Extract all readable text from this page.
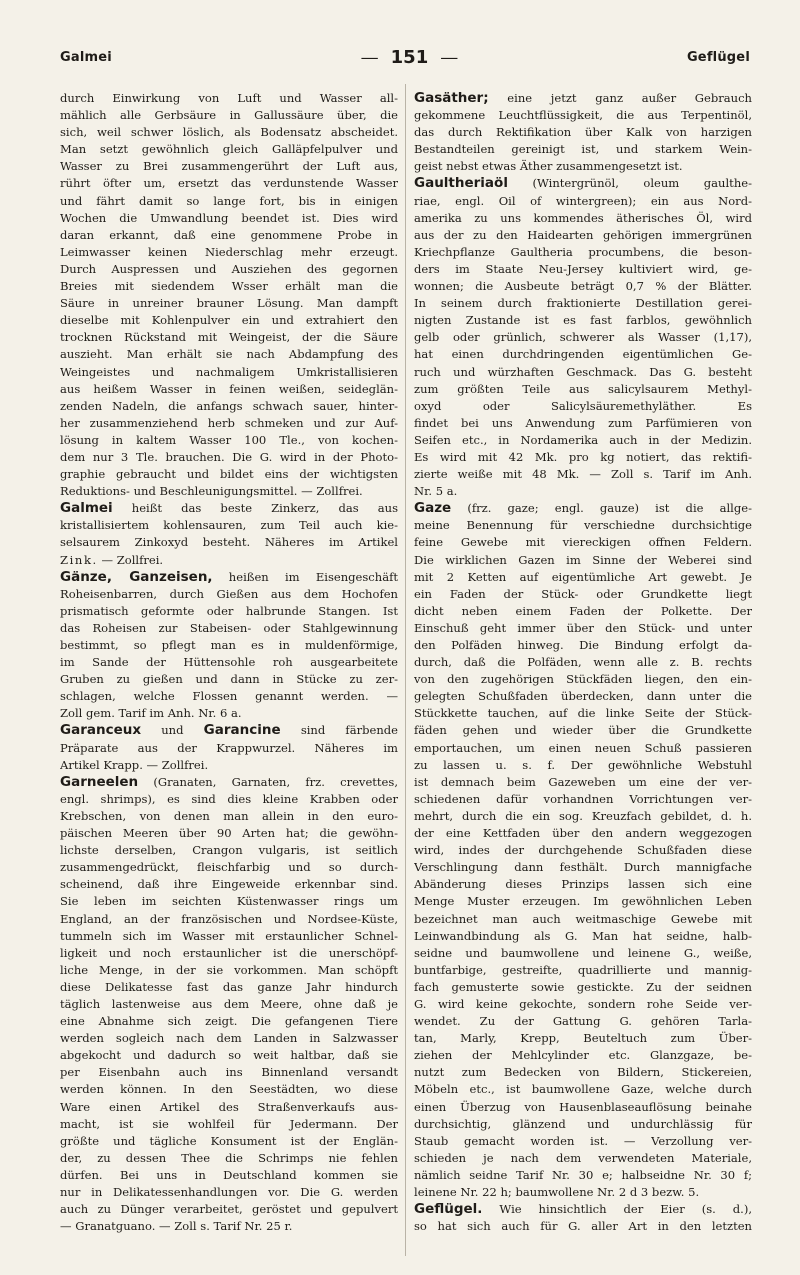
Galmei	— 151 —	Geflügel
durch Einwirkung von Luft und Wasser all-
mählich alle Gerbsäure in Gallussäure über, die
sich, weil schwer löslich, als Bodensatz abscheidet.
Man setzt gewöhnlich gleich Galläpfelpulver und
Wasser zu Brei zusammengerührt der Luft aus,
rührt öfter um, ersetzt das verdunstende Wasser
und fährt damit so lange fort, bis in einigen
Wochen die Umwandlung beendet ist. Dies wird
daran erkannt, daß eine genommene Probe in
Leimwasser keinen Niederschlag mehr erzeugt.
Durch Auspressen und Ausziehen des gegornen
Breies mit siedendem Wsser erhält man die
Säure in unreiner brauner Lösung. Man dampft
dieselbe mit Kohlenpulver ein und extrahiert den
trocknen Rückstand mit Weingeist, der die Säure
auszieht. Man erhält sie nach Abdampfung des
Weingeistes und nachmaligem Umkristallisieren
aus heißem Wasser in feinen weißen, seideglän-
zenden Nadeln, die anfangs schwach sauer, hinter-
her zusammenziehend herb schmeken und zur Auf-
lösung in kaltem Wasser 100 Tle., von kochen-
dem nur 3 Tle. brauchen. Die G. wird in der Photo-
graphie gebraucht und bildet eins der wichtigsten
Reduktions- und Beschleunigungsmittel. — Zollfrei.
Galmei heißt das beste Zinkerz, das aus
kristallisiertem kohlensauren, zum Teil auch kie-
selsaurem Zinkoxyd besteht. Näheres im Artikel
Zink. — Zollfrei.
Gänze, Ganzeisen, heißen im Eisengeschäft
Roheisenbarren, durch Gießen aus dem Hochofen
prismatisch geformte oder halbrunde Stangen. Ist
das Roheisen zur Stabeisen- oder Stahlgewinnung
bestimmt, so pflegt man es in muldenförmige,
im Sande der Hüttensohle roh ausgearbeitete
Gruben zu gießen und dann in Stücke zu zer-
schlagen, welche Flossen genannt werden. —
Zoll gem. Tarif im Anh. Nr. 6 a.
Garanceux und Garancine sind färbende
Präparate aus der Krappwurzel. Näheres im
Artikel Krapp. — Zollfrei.
Garneelen (Granaten, Garnaten, frz. crevettes,
engl. shrimps), es sind dies kleine Krabben oder
Krebschen, von denen man allein in den euro-
päischen Meeren über 90 Arten hat; die gewöhn-
lichste derselben, Crangon vulgaris, ist seitlich
zusammengedrückt, fleischfarbig und so durch-
scheinend, daß ihre Eingeweide erkennbar sind.
Sie leben im seichten Küstenwasser rings um
England, an der französischen und Nordsee-Küste,
tummeln sich im Wasser mit erstaunlicher Schnel-
ligkeit und noch erstaunlicher ist die unerschöpf-
liche Menge, in der sie vorkommen. Man schöpft
diese Delikatesse fast das ganze Jahr hindurch
täglich lastenweise aus dem Meere, ohne daß je
eine Abnahme sich zeigt. Die gefangenen Tiere
werden sogleich nach dem Landen in Salzwasser
abgekocht und dadurch so weit haltbar, daß sie
per Eisenbahn auch ins Binnenland versandt
werden können. In den Seestädten, wo diese
Ware einen Artikel des Straßenverkaufs aus-
macht, ist sie wohlfeil für Jedermann. Der
größte und tägliche Konsument ist der Englän-
der, zu dessen Thee die Schrimps nie fehlen
dürfen. Bei uns in Deutschland kommen sie
nur in Delikatessenhandlungen vor. Die G. werden
auch zu Dünger verarbeitet, geröstet und gepulvert
— Granatguano. — Zoll s. Tarif Nr. 25 r.
Gasäther; eine jetzt ganz außer Gebrauch
gekommene Leuchtflüssigkeit, die aus Terpentinöl,
das durch Rektifikation über Kalk von harzigen
Bestandteilen gereinigt ist, und starkem Wein-
geist nebst etwas Äther zusammengesetzt ist.
Gaultheriaöl (Wintergrünöl, oleum gaulthe-
riae, engl. Oil of wintergreen); ein aus Nord-
amerika zu uns kommendes ätherisches Öl, wird
aus der zu den Haidearten gehörigen immergrünen
Kriechpflanze Gaultheria procumbens, die beson-
ders im Staate Neu-Jersey kultiviert wird, ge-
wonnen; die Ausbeute beträgt 0,7 % der Blätter.
In seinem durch fraktionierte Destillation gerei-
nigten Zustande ist es fast farblos, gewöhnlich
gelb oder grünlich, schwerer als Wasser (1,17),
hat einen durchdringenden eigentümlichen Ge-
ruch und würzhaften Geschmack. Das G. besteht
zum größten Teile aus salicylsaurem Methyl-
oxyd oder Salicylsäuremethyläther. Es
findet bei uns Anwendung zum Parfümieren von
Seifen etc., in Nordamerika auch in der Medizin.
Es wird mit 42 Mk. pro kg notiert, das rektifi-
zierte weiße mit 48 Mk. — Zoll s. Tarif im Anh.
Nr. 5 a.
Gaze (frz. gaze; engl. gauze) ist die allge-
meine Benennung für verschiedne durchsichtige
feine Gewebe mit viereckigen offnen Feldern.
Die wirklichen Gazen im Sinne der Weberei sind
mit 2 Ketten auf eigentümliche Art gewebt. Je
ein Faden der Stück- oder Grundkette liegt
dicht neben einem Faden der Polkette. Der
Einschuß geht immer über den Stück- und unter
den Polfäden hinweg. Die Bindung erfolgt da-
durch, daß die Polfäden, wenn alle z. B. rechts
von den zugehörigen Stückfäden liegen, den ein-
gelegten Schußfaden überdecken, dann unter die
Stückkette tauchen, auf die linke Seite der Stück-
fäden gehen und wieder über die Grundkette
emportauchen, um einen neuen Schuß passieren
zu lassen u. s. f. Der gewöhnliche Webstuhl
ist demnach beim Gazeweben um eine der ver-
schiedenen dafür vorhandnen Vorrichtungen ver-
mehrt, durch die ein sog. Kreuzfach gebildet, d. h.
der eine Kettfaden über den andern weggezogen
wird, indes der durchgehende Schußfaden diese
Verschlingung dann festhält. Durch mannigfache
Abänderung dieses Prinzips lassen sich eine
Menge Muster erzeugen. Im gewöhnlichen Leben
bezeichnet man auch weitmaschige Gewebe mit
Leinwandbindung als G. Man hat seidne, halb-
seidne und baumwollene und leinene G., weiße,
buntfarbige, gestreifte, quadrillierte und mannig-
fach gemusterte sowie gestickte. Zu der seidnen
G. wird keine gekochte, sondern rohe Seide ver-
wendet. Zu der Gattung G. gehören Tarla-
tan, Marly, Krepp, Beuteltuch zum Über-
ziehen der Mehlcylinder etc. Glanzgaze, be-
nutzt zum Bedecken von Bildern, Stickereien,
Möbeln etc., ist baumwollene Gaze, welche durch
einen Überzug von Hausenblaseauflösung beinahe
durchsichtig, glänzend und undurchlässig für
Staub gemacht worden ist. — Verzollung ver-
schieden je nach dem verwendeten Materiale,
nämlich seidne Tarif Nr. 30 e; halbseidne Nr. 30 f;
leinene Nr. 22 h; baumwollene Nr. 2 d 3 bezw. 5.
Geflügel. Wie hinsichtlich der Eier (s. d.),
so hat sich auch für G. aller Art in den letzten
